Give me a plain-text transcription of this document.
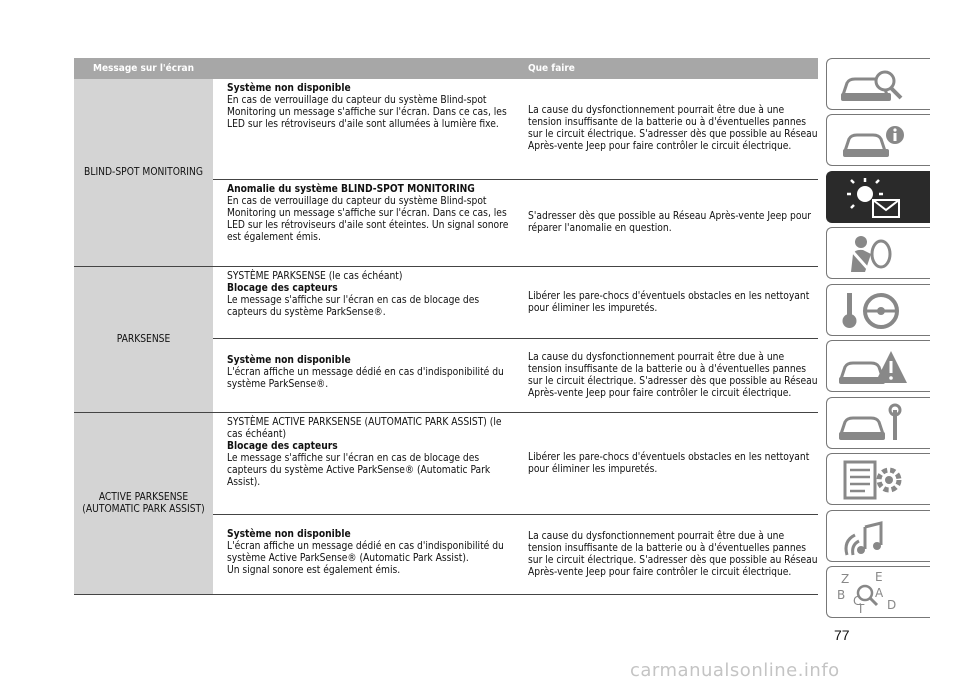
Message sur l'écran	Que faire
BLIND-SPOT MONITORING
Système non disponible
En cas de verrouillage du capteur du système Blind-spot Monitoring un message s'affiche sur l'écran. Dans ce cas, les LED sur les rétroviseurs d'aile sont allumées à lumière fixe.
La cause du dysfonctionnement pourrait être due à une tension insuffisante de la batterie ou à d'éventuelles pannes sur le circuit électrique. S'adresser dès que possible au Réseau Après-vente Jeep pour faire contrôler le circuit électrique.
Anomalie du système BLIND-SPOT MONITORING
En cas de verrouillage du capteur du système Blind-spot Monitoring un message s'affiche sur l'écran. Dans ce cas, les LED sur les rétroviseurs d'aile sont éteintes. Un signal sonore est également émis.
S'adresser dès que possible au Réseau Après-vente Jeep pour réparer l'anomalie en question.
PARKSENSE
SYSTÈME PARKSENSE (le cas échéant)
Blocage des capteurs
Le message s'affiche sur l'écran en cas de blocage des capteurs du système ParkSense®.
Libérer les pare-chocs d'éventuels obstacles en les nettoyant pour éliminer les impuretés.
Système non disponible
L'écran affiche un message dédié en cas d'indisponibilité du système ParkSense®.
La cause du dysfonctionnement pourrait être due à une tension insuffisante de la batterie ou à d'éventuelles pannes sur le circuit électrique. S'adresser dès que possible au Réseau Après-vente Jeep pour faire contrôler le circuit électrique.
ACTIVE PARKSENSE (AUTOMATIC PARK ASSIST)
SYSTÈME ACTIVE PARKSENSE (AUTOMATIC PARK ASSIST) (le cas échéant)
Blocage des capteurs
Le message s'affiche sur l'écran en cas de blocage des capteurs du système Active ParkSense® (Automatic Park Assist).
Libérer les pare-chocs d'éventuels obstacles en les nettoyant pour éliminer les impuretés.
Système non disponible
L'écran affiche un message dédié en cas d'indisponibilité du système Active ParkSense® (Automatic Park Assist).
Un signal sonore est également émis.
La cause du dysfonctionnement pourrait être due à une tension insuffisante de la batterie ou à d'éventuelles pannes sur le circuit électrique. S'adresser dès que possible au Réseau Après-vente Jeep pour faire contrôler le circuit électrique.	Z E
B A
C
T D
77
carmanualsonline.info
